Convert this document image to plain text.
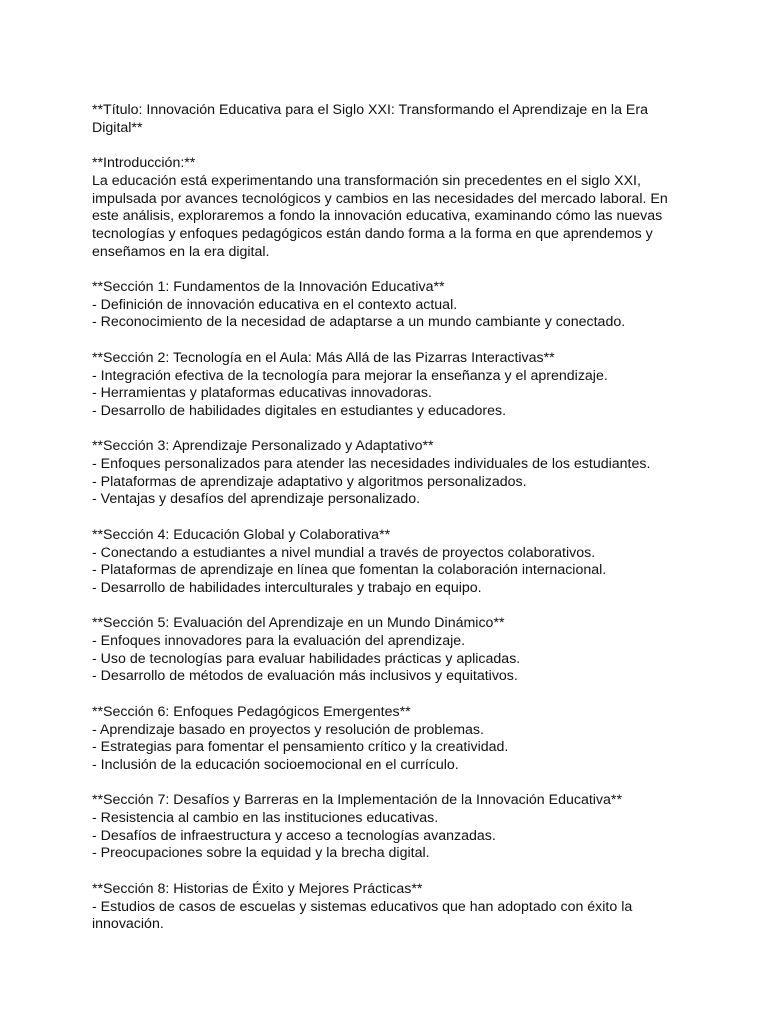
**Título: Innovación Educativa para el Siglo XXI: Transformando el Aprendizaje en la Era Digital**
**Introducción:**
La educación está experimentando una transformación sin precedentes en el siglo XXI, impulsada por avances tecnológicos y cambios en las necesidades del mercado laboral. En este análisis, exploraremos a fondo la innovación educativa, examinando cómo las nuevas tecnologías y enfoques pedagógicos están dando forma a la forma en que aprendemos y enseñamos en la era digital.
**Sección 1: Fundamentos de la Innovación Educativa**
- Definición de innovación educativa en el contexto actual.
- Reconocimiento de la necesidad de adaptarse a un mundo cambiante y conectado.
**Sección 2: Tecnología en el Aula: Más Allá de las Pizarras Interactivas**
- Integración efectiva de la tecnología para mejorar la enseñanza y el aprendizaje.
- Herramientas y plataformas educativas innovadoras.
- Desarrollo de habilidades digitales en estudiantes y educadores.
**Sección 3: Aprendizaje Personalizado y Adaptativo**
- Enfoques personalizados para atender las necesidades individuales de los estudiantes.
- Plataformas de aprendizaje adaptativo y algoritmos personalizados.
- Ventajas y desafíos del aprendizaje personalizado.
**Sección 4: Educación Global y Colaborativa**
- Conectando a estudiantes a nivel mundial a través de proyectos colaborativos.
- Plataformas de aprendizaje en línea que fomentan la colaboración internacional.
- Desarrollo de habilidades interculturales y trabajo en equipo.
**Sección 5: Evaluación del Aprendizaje en un Mundo Dinámico**
- Enfoques innovadores para la evaluación del aprendizaje.
- Uso de tecnologías para evaluar habilidades prácticas y aplicadas.
- Desarrollo de métodos de evaluación más inclusivos y equitativos.
**Sección 6: Enfoques Pedagógicos Emergentes**
- Aprendizaje basado en proyectos y resolución de problemas.
- Estrategias para fomentar el pensamiento crítico y la creatividad.
- Inclusión de la educación socioemocional en el currículo.
**Sección 7: Desafíos y Barreras en la Implementación de la Innovación Educativa**
- Resistencia al cambio en las instituciones educativas.
- Desafíos de infraestructura y acceso a tecnologías avanzadas.
- Preocupaciones sobre la equidad y la brecha digital.
**Sección 8: Historias de Éxito y Mejores Prácticas**
- Estudios de casos de escuelas y sistemas educativos que han adoptado con éxito la innovación.
